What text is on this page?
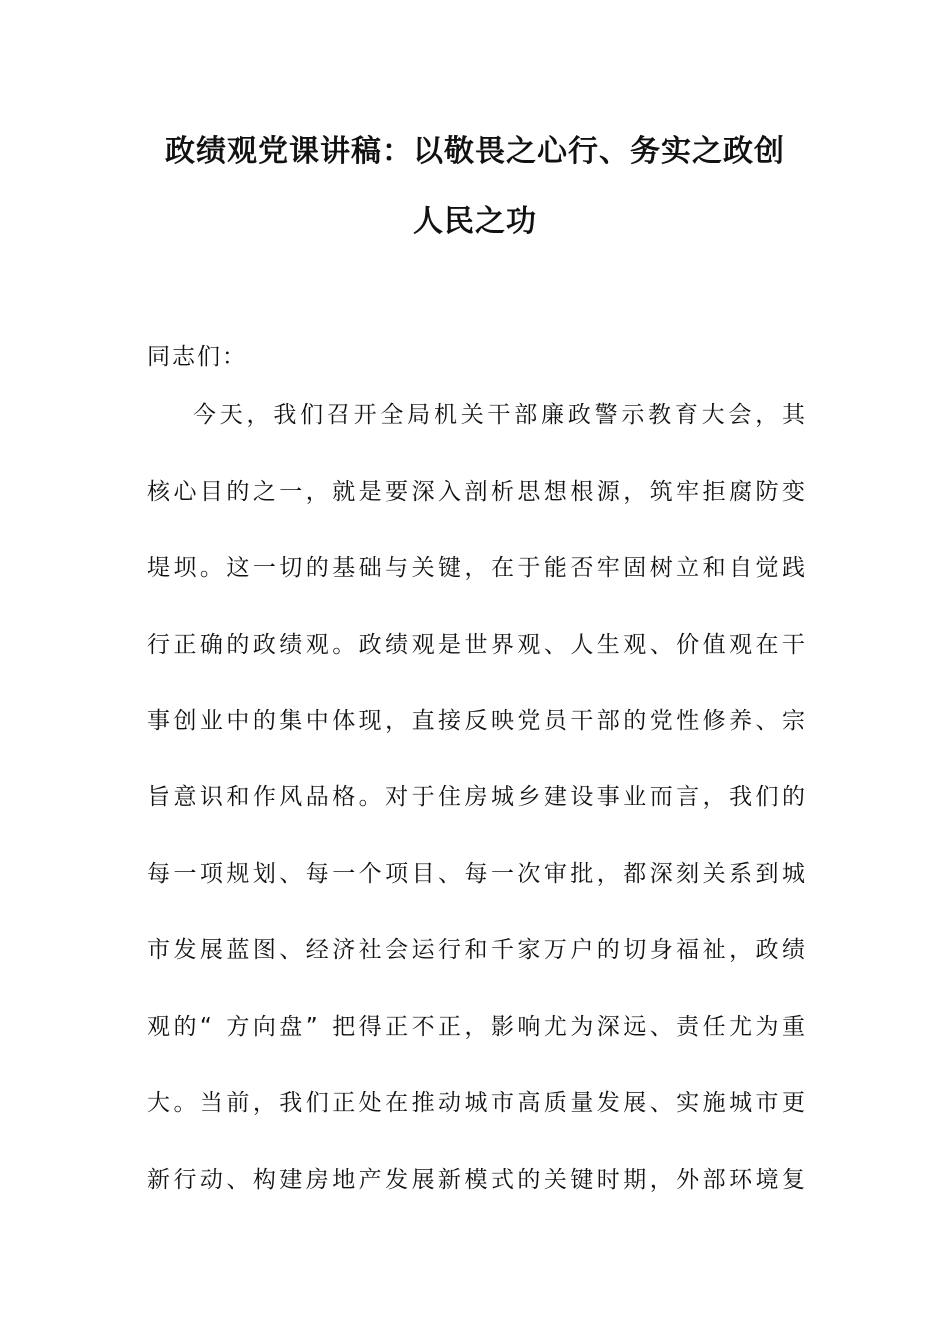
政绩观党课讲稿：以敬畏之心行、务实之政创
人民之功
同志们：
今 天 ， 我 们 召 开 全 局 机 关 干 部 廉 政 警 示 教 育 大 会 ， 其
核 心 目 的 之 一 ， 就 是 要 深 入 剖 析 思 想 根 源 ， 筑 牢 拒 腐 防 变
堤 坝 。 这 一 切 的 基 础 与 关 键 ， 在 于 能 否 牢 固 树 立 和 自 觉 践
行 正 确 的 政 绩 观 。 政 绩 观 是 世 界 观 、 人 生 观 、 价 值 观 在 干
事 创 业 中 的 集 中 体 现 ， 直 接 反 映 党 员 干 部 的 党 性 修 养 、 宗
旨 意 识 和 作 风 品 格 。 对 于 住 房 城 乡 建 设 事 业 而 言 ， 我 们 的
每 一 项 规 划 、 每 一 个 项 目 、 每 一 次 审 批 ， 都 深 刻 关 系 到 城
市 发 展 蓝 图 、 经 济 社 会 运 行 和 千 家 万 户 的 切 身 福 祉 ， 政 绩
观 的 “ 方 向 盘 ” 把 得 正 不 正 ， 影 响 尤 为 深 远 、 责 任 尤 为 重
大 。 当 前 ， 我 们 正 处 在 推 动 城 市 高 质 量 发 展 、 实 施 城 市 更
新 行 动 、 构 建 房 地 产 发 展 新 模 式 的 关 键 时 期 ， 外 部 环 境 复
